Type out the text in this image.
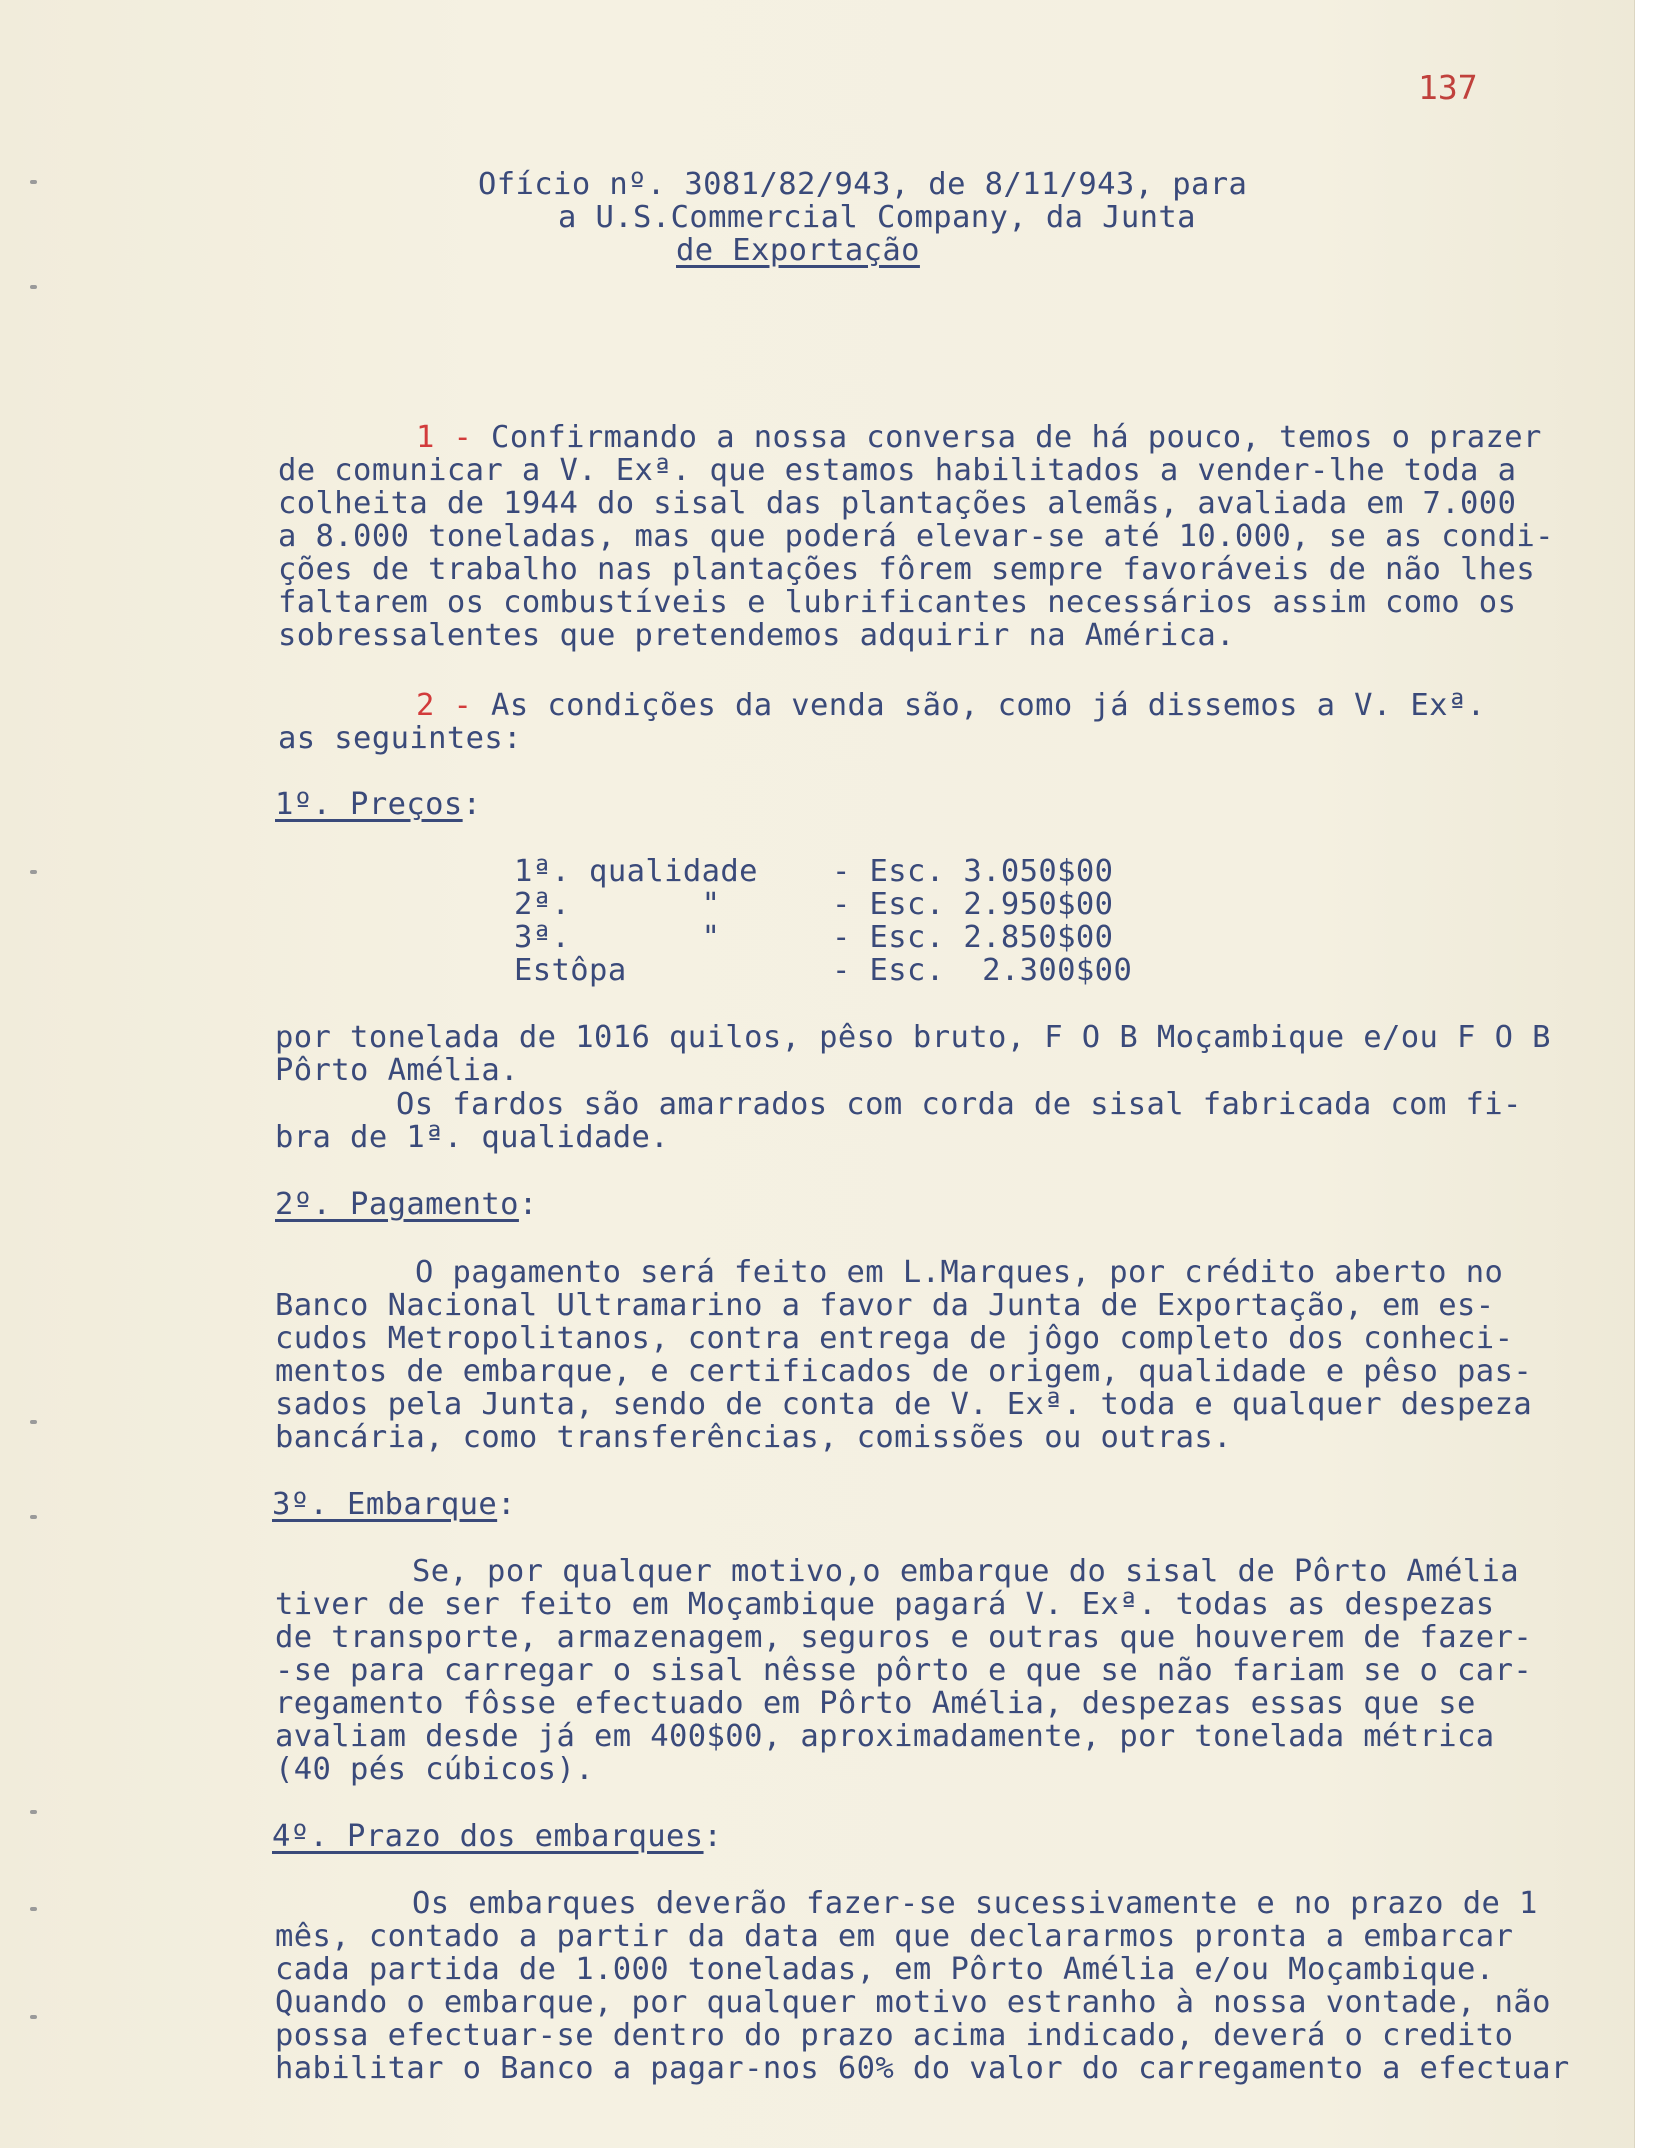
137
Ofício nº. 3081/82/943, de 8/11/943, para
a U.S.Commercial Company, da Junta
de Exportação
1 - Confirmando a nossa conversa de há pouco, temos o prazer
de comunicar a V. Exª. que estamos habilitados a vender-lhe toda a
colheita de 1944 do sisal das plantações alemãs, avaliada em 7.000
a 8.000 toneladas, mas que poderá elevar-se até 10.000, se as condi-
ções de trabalho nas plantações fôrem sempre favoráveis de não lhes
faltarem os combustíveis e lubrificantes necessários assim como os
sobressalentes que pretendemos adquirir na América.
2 - As condições da venda são, como já dissemos a V. Exª.
as seguintes:
1º. Preços:
1ª. qualidade - Esc. 3.050$00
2ª.       "	- Esc. 2.950$00
3ª.       "	- Esc. 2.850$00
Estôpa	- Esc.  2.300$00
por tonelada de 1016 quilos, pêso bruto, F O B Moçambique e/ou F O B
Pôrto Amélia.
Os fardos são amarrados com corda de sisal fabricada com fi-
bra de 1ª. qualidade.
2º. Pagamento:
O pagamento será feito em L.Marques, por crédito aberto no
Banco Nacional Ultramarino a favor da Junta de Exportação, em es-
cudos Metropolitanos, contra entrega de jôgo completo dos conheci-
mentos de embarque, e certificados de origem, qualidade e pêso pas-
sados pela Junta, sendo de conta de V. Exª. toda e qualquer despeza
bancária, como transferências, comissões ou outras.
3º. Embarque:
Se, por qualquer motivo,o embarque do sisal de Pôrto Amélia
tiver de ser feito em Moçambique pagará V. Exª. todas as despezas
de transporte, armazenagem, seguros e outras que houverem de fazer-
-se para carregar o sisal nêsse pôrto e que se não fariam se o car-
regamento fôsse efectuado em Pôrto Amélia, despezas essas que se
avaliam desde já em 400$00, aproximadamente, por tonelada métrica
(40 pés cúbicos).
4º. Prazo dos embarques:
Os embarques deverão fazer-se sucessivamente e no prazo de 1
mês, contado a partir da data em que declararmos pronta a embarcar
cada partida de 1.000 toneladas, em Pôrto Amélia e/ou Moçambique.
Quando o embarque, por qualquer motivo estranho à nossa vontade, não
possa efectuar-se dentro do prazo acima indicado, deverá o credito
habilitar o Banco a pagar-nos 60% do valor do carregamento a efectuar
